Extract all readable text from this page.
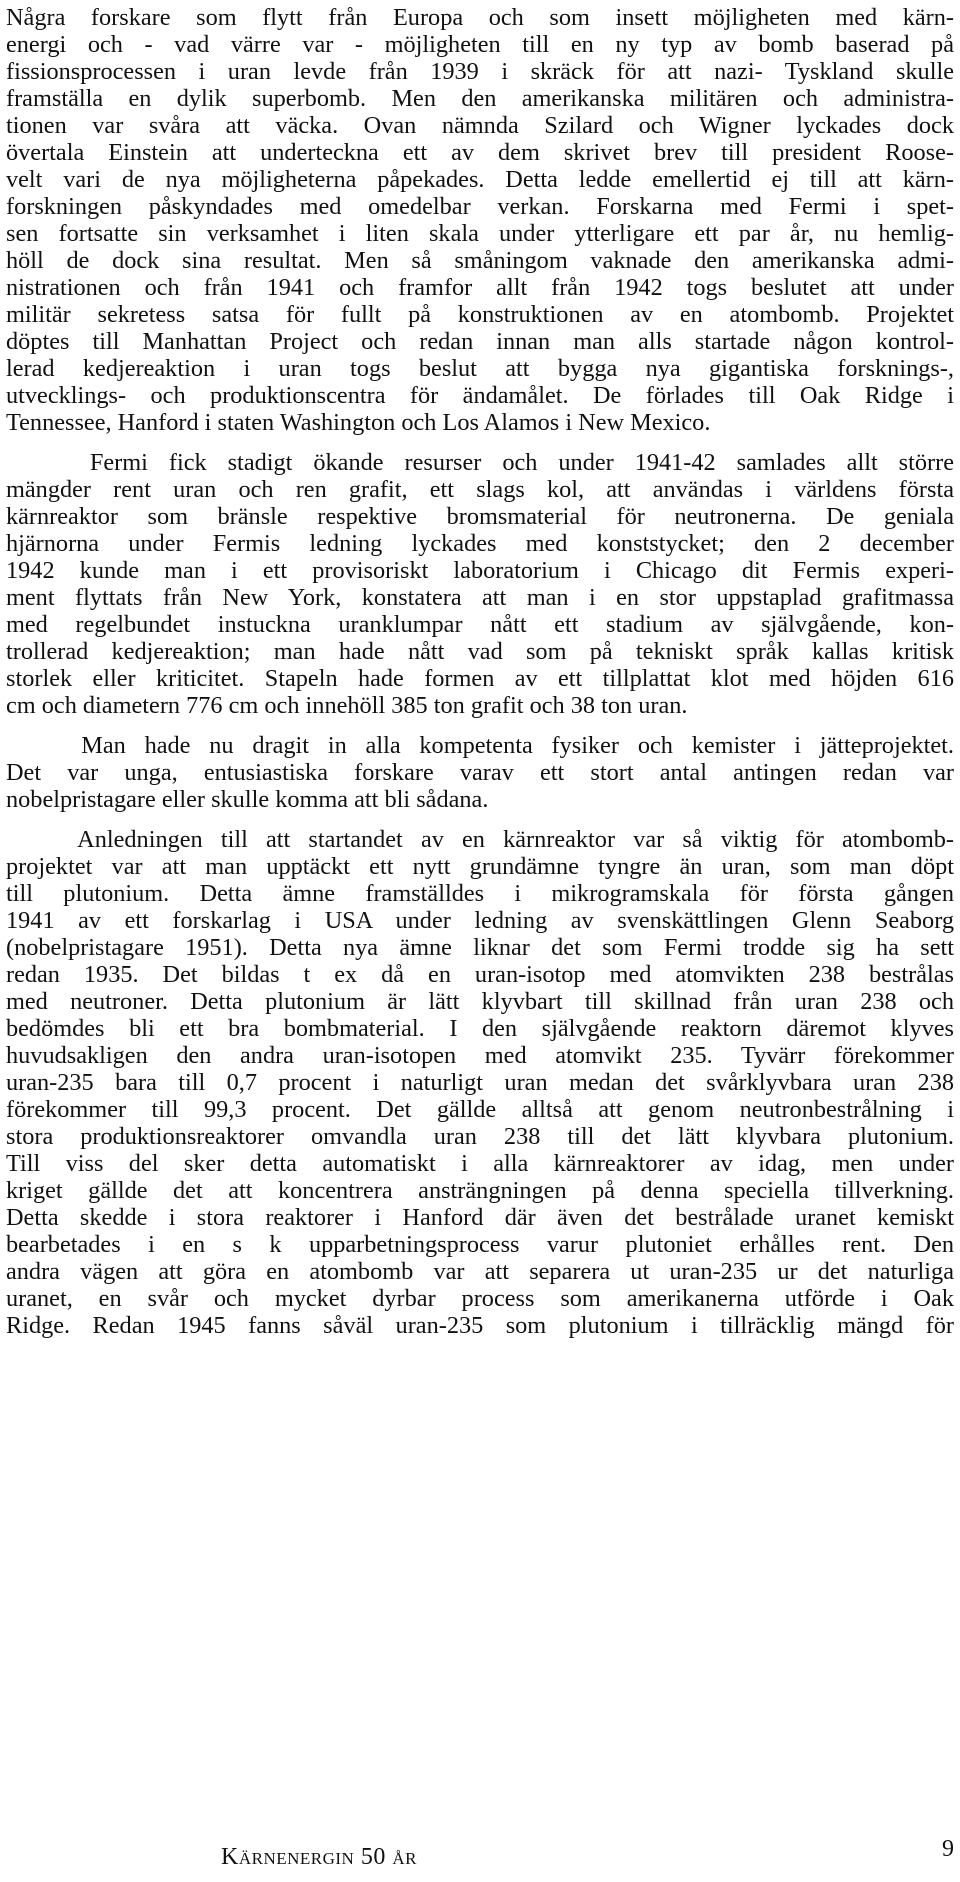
Några forskare som flytt från Europa och som insett möjligheten med kärn-
energi och - vad värre var - möjligheten till en ny typ av bomb baserad på
fissionsprocessen i uran levde från 1939 i skräck för att nazi- Tyskland skulle
framställa en dylik superbomb. Men den amerikanska militären och administra-
tionen var svåra att väcka. Ovan nämnda Szilard och Wigner lyckades dock
övertala Einstein att underteckna ett av dem skrivet brev till president Roose-
velt vari de nya möjligheterna påpekades. Detta ledde emellertid ej till att kärn-
forskningen påskyndades med omedelbar verkan. Forskarna med Fermi i spet-
sen fortsatte sin verksamhet i liten skala under ytterligare ett par år, nu hemlig-
höll de dock sina resultat. Men så småningom vaknade den amerikanska admi-
nistrationen och från 1941 och framfor allt från 1942 togs beslutet att under
militär sekretess satsa för fullt på konstruktionen av en atombomb. Projektet
döptes till Manhattan Project och redan innan man alls startade någon kontrol-
lerad kedjereaktion i uran togs beslut att bygga nya gigantiska forsknings-,
utvecklings- och produktionscentra för ändamålet. De förlades till Oak Ridge i
Tennessee, Hanford i staten Washington och Los Alamos i New Mexico.
Fermi fick stadigt ökande resurser och under 1941-42 samlades allt större
mängder rent uran och ren grafit, ett slags kol, att användas i världens första
kärnreaktor som bränsle respektive bromsmaterial för neutronerna. De geniala
hjärnorna under Fermis ledning lyckades med konststycket; den 2 december
1942 kunde man i ett provisoriskt laboratorium i Chicago dit Fermis experi-
ment flyttats från New York, konstatera att man i en stor uppstaplad grafitmassa
med regelbundet instuckna uranklumpar nått ett stadium av självgående, kon-
trollerad kedjereaktion; man hade nått vad som på tekniskt språk kallas kritisk
storlek eller kriticitet. Stapeln hade formen av ett tillplattat klot med höjden 616
cm och diametern 776 cm och innehöll 385 ton grafit och 38 ton uran.
Man hade nu dragit in alla kompetenta fysiker och kemister i jätteprojektet.
Det var unga, entusiastiska forskare varav ett stort antal antingen redan var
nobelpristagare eller skulle komma att bli sådana.
Anledningen till att startandet av en kärnreaktor var så viktig för atombomb-
projektet var att man upptäckt ett nytt grundämne tyngre än uran, som man döpt
till plutonium. Detta ämne framställdes i mikrogramskala för första gången
1941 av ett forskarlag i USA under ledning av svenskättlingen Glenn Seaborg
(nobelpristagare 1951). Detta nya ämne liknar det som Fermi trodde sig ha sett
redan 1935. Det bildas t ex då en uran-isotop med atomvikten 238 bestrålas
med neutroner. Detta plutonium är lätt klyvbart till skillnad från uran 238 och
bedömdes bli ett bra bombmaterial. I den självgående reaktorn däremot klyves
huvudsakligen den andra uran-isotopen med atomvikt 235. Tyvärr förekommer
uran-235 bara till 0,7 procent i naturligt uran medan det svårklyvbara uran 238
förekommer till 99,3 procent. Det gällde alltså att genom neutronbestrålning i
stora produktionsreaktorer omvandla uran 238 till det lätt klyvbara plutonium.
Till viss del sker detta automatiskt i alla kärnreaktorer av idag, men under
kriget gällde det att koncentrera ansträngningen på denna speciella tillverkning.
Detta skedde i stora reaktorer i Hanford där även det bestrålade uranet kemiskt
bearbetades i en s k upparbetningsprocess varur plutoniet erhålles rent. Den
andra vägen att göra en atombomb var att separera ut uran-235 ur det naturliga
uranet, en svår och mycket dyrbar process som amerikanerna utförde i Oak
Ridge. Redan 1945 fanns såväl uran-235 som plutonium i tillräcklig mängd för
Kärnenergin 50 år	9
